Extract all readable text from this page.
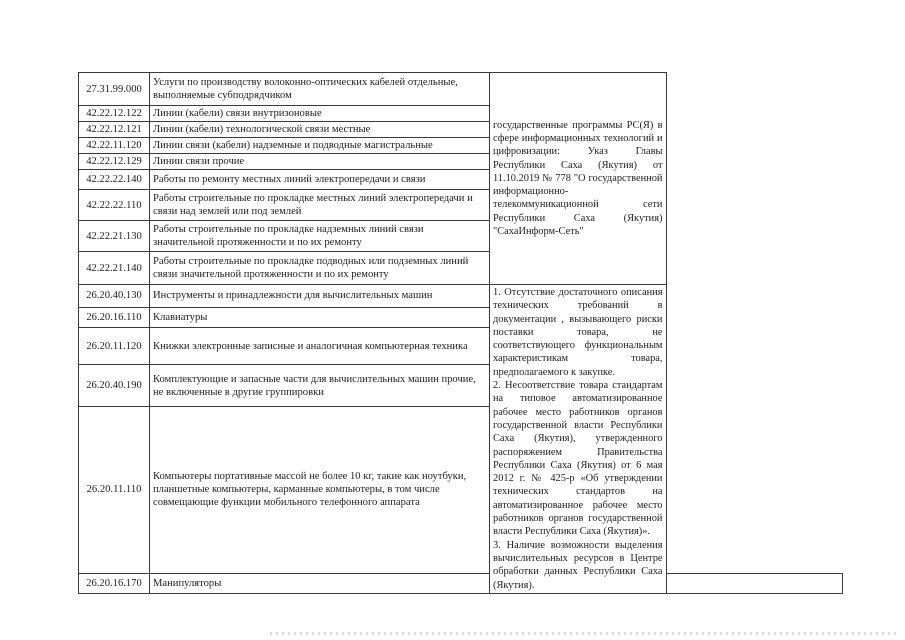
27.31.99.000	Услуги по производству волоконно-оптических кабелей отдельные, выполняемые субподрядчиком	государственные программы РС(Я) в сфере информационных технологий и цифровизации: Указ Главы Республики Саха (Якутия) от 11.10.2019 № 778 "О государственной информационно-телекоммуникационной сети Республики Саха (Якутия) "СахаИнформ-Сеть"	
42.22.12.122	Линии (кабели) связи внутризоновые		
42.22.12.121	Линии (кабели) технологической связи местные		
42.22.11.120	Линии связи (кабели) надземные и подводные магистральные		
42.22.12.129	Линии связи прочие		
42.22.22.140	Работы по ремонту местных линий электропередачи и связи		
42.22.22.110	Работы строительные по прокладке местных линий электропередачи и связи над землей или под землей		
42.22.21.130	Работы строительные по прокладке надземных линий связи значительной протяженности и по их ремонту		
42.22.21.140	Работы строительные по прокладке подводных или подземных линий связи значительной протяженности и по их ремонту		
26.20.40.130	Инструменты и принадлежности для вычислительных машин	1. Отсутствие достаточного описания технических требований в документации , вызывающего риски поставки товара, не соответствующего функциональным характеристикам товара, предполагаемого к закупке.
2. Несоответствие товара стандартам на типовое автоматизированное рабочее место работников органов государственной власти Республики Саха (Якутия), утвержденного распоряжением Правительства Республики Саха (Якутия) от 6 мая 2012 г. № 425-р «Об утверждении технических стандартов на автоматизированное рабочее место работников органов государственной власти Республики Саха (Якутия)».
3. Наличие возможности выделения вычислительных ресурсов в Центре обработки данных Республики Саха (Якутия).	

26.20.16.110	Клавиатуры		
26.20.11.120	Книжки электронные записные и аналогичная компьютерная техника		
26.20.40.190	Комплектующие и запасные части для вычислительных машин прочие, не включенные в другие группировки		
26.20.11.110	Компьютеры портативные массой не более 10 кг, такие как ноутбуки, планшетные компьютеры, карманные компьютеры, в том числе совмещающие функции мобильного телефонного аппарата		
26.20.16.170	Манипуляторы		
